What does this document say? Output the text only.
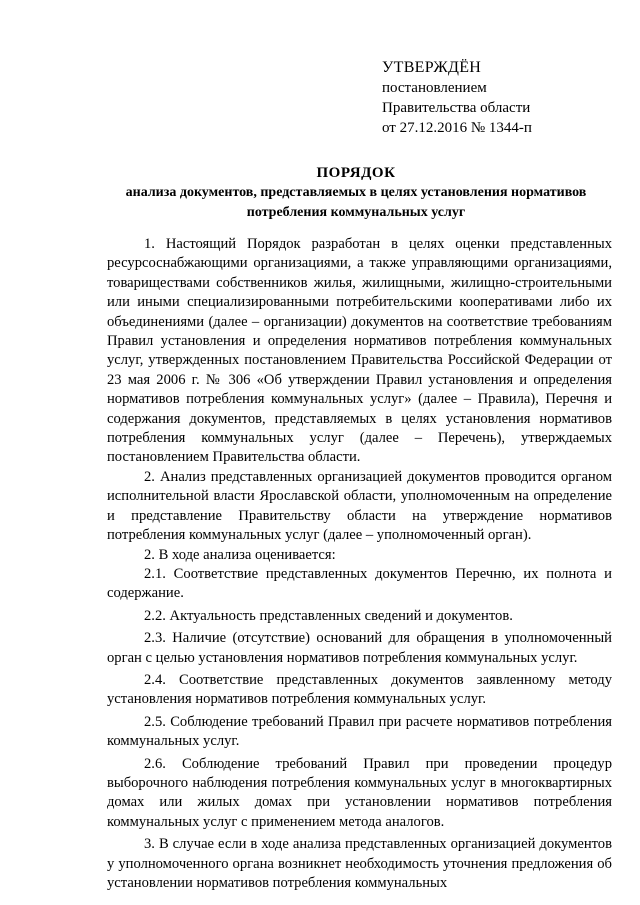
УТВЕРЖДЁН
постановлением
Правительства области
от 27.12.2016 № 1344-п
ПОРЯДОК
анализа документов, представляемых в целях установления нормативов потребления коммунальных услуг

1. Настоящий Порядок разработан в целях оценки представленных ресурсоснабжающими организациями, а также управляющими организациями, товариществами собственников жилья, жилищными, жилищно-строительными или иными специализированными потребительскими кооперативами либо их объединениями (далее – организации) документов на соответствие требованиям Правил установления и определения нормативов потребления коммунальных услуг, утвержденных постановлением Правительства Российской Федерации от 23 мая 2006 г. № 306 «Об утверждении Правил установления и определения нормативов потребления коммунальных услуг» (далее – Правила), Перечня и содержания документов, представляемых в целях установления нормативов потребления коммунальных услуг (далее – Перечень), утверждаемых постановлением Правительства области.

2. Анализ представленных организацией документов проводится органом исполнительной власти Ярославской области, уполномоченным на определение и представление Правительству области на утверждение нормативов потребления коммунальных услуг (далее – уполномоченный орган).

2. В ходе анализа оценивается:

2.1. Соответствие представленных документов Перечню, их полнота и содержание.

2.2. Актуальность представленных сведений и документов.

2.3. Наличие (отсутствие) оснований для обращения в уполномоченный орган с целью установления нормативов потребления коммунальных услуг.

2.4. Соответствие представленных документов заявленному методу установления нормативов потребления коммунальных услуг.

2.5. Соблюдение требований Правил при расчете нормативов потребления коммунальных услуг.

2.6. Соблюдение требований Правил при проведении процедур выборочного наблюдения потребления коммунальных услуг в многоквартирных домах или жилых домах при установлении нормативов потребления коммунальных услуг с применением метода аналогов.

3. В случае если в ходе анализа представленных организацией документов у уполномоченного органа возникнет необходимость уточнения предложения об установлении нормативов потребления коммунальных
